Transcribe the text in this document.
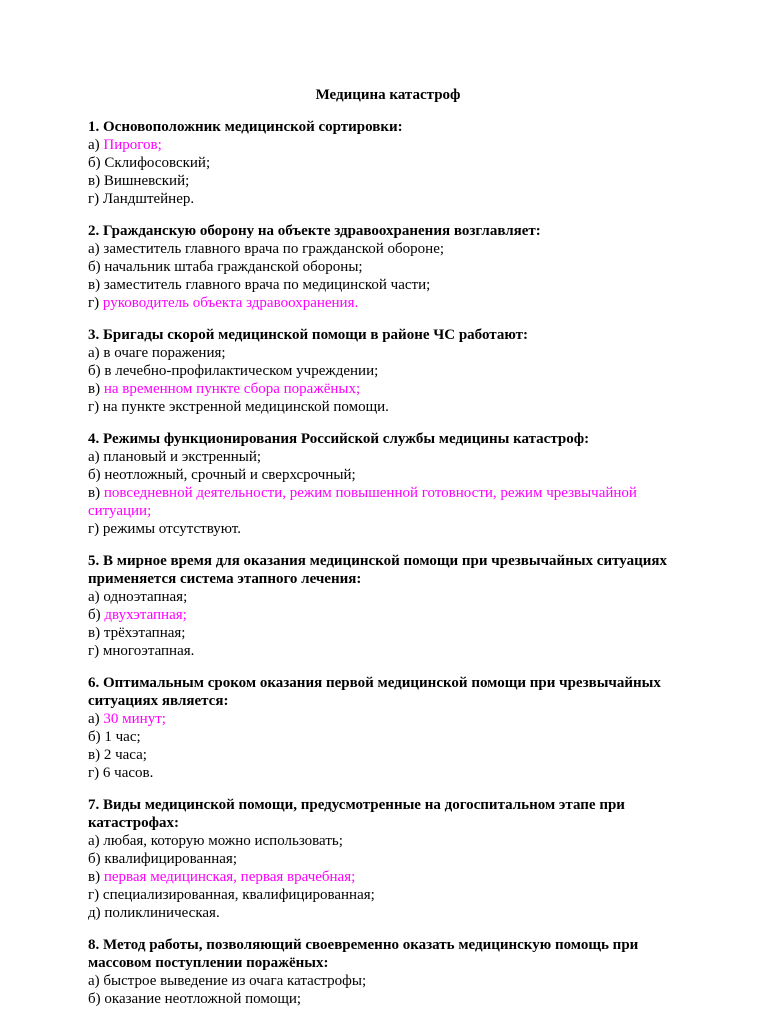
Медицина катастроф
1. Основоположник медицинской сортировки:
а) Пирогов;
б) Склифосовский;
в) Вишневский;
г) Ландштейнер.
2. Гражданскую оборону на объекте здравоохранения возглавляет:
а) заместитель главного врача по гражданской обороне;
б) начальник штаба гражданской обороны;
в) заместитель главного врача по медицинской части;
г) руководитель объекта здравоохранения.
3. Бригады скорой медицинской помощи в районе ЧС работают:
а) в очаге поражения;
б) в лечебно-профилактическом учреждении;
в) на временном пункте сбора поражёных;
г) на пункте экстренной медицинской помощи.
4. Режимы функционирования Российской службы медицины катастроф:
а) плановый и экстренный;
б) неотложный, срочный и сверхсрочный;
в) повседневной деятельности, режим повышенной готовности, режим чрезвычайной ситуации;
г) режимы отсутствуют.
5. В мирное время для оказания медицинской помощи при чрезвычайных ситуациях применяется система этапного лечения:
а) одноэтапная;
б) двухэтапная;
в) трёхэтапная;
г) многоэтапная.
6. Оптимальным сроком оказания первой медицинской помощи при чрезвычайных ситуациях является:
а) 30 минут;
б) 1 час;
в) 2 часа;
г) 6 часов.
7. Виды медицинской помощи, предусмотренные на догоспитальном этапе при катастрофах:
а) любая, которую можно использовать;
б) квалифицированная;
в) первая медицинская, первая врачебная;
г) специализированная, квалифицированная;
д) поликлиническая.
8. Метод работы, позволяющий своевременно оказать медицинскую помощь при массовом поступлении поражёных:
а) быстрое выведение из очага катастрофы;
б) оказание неотложной помощи;
